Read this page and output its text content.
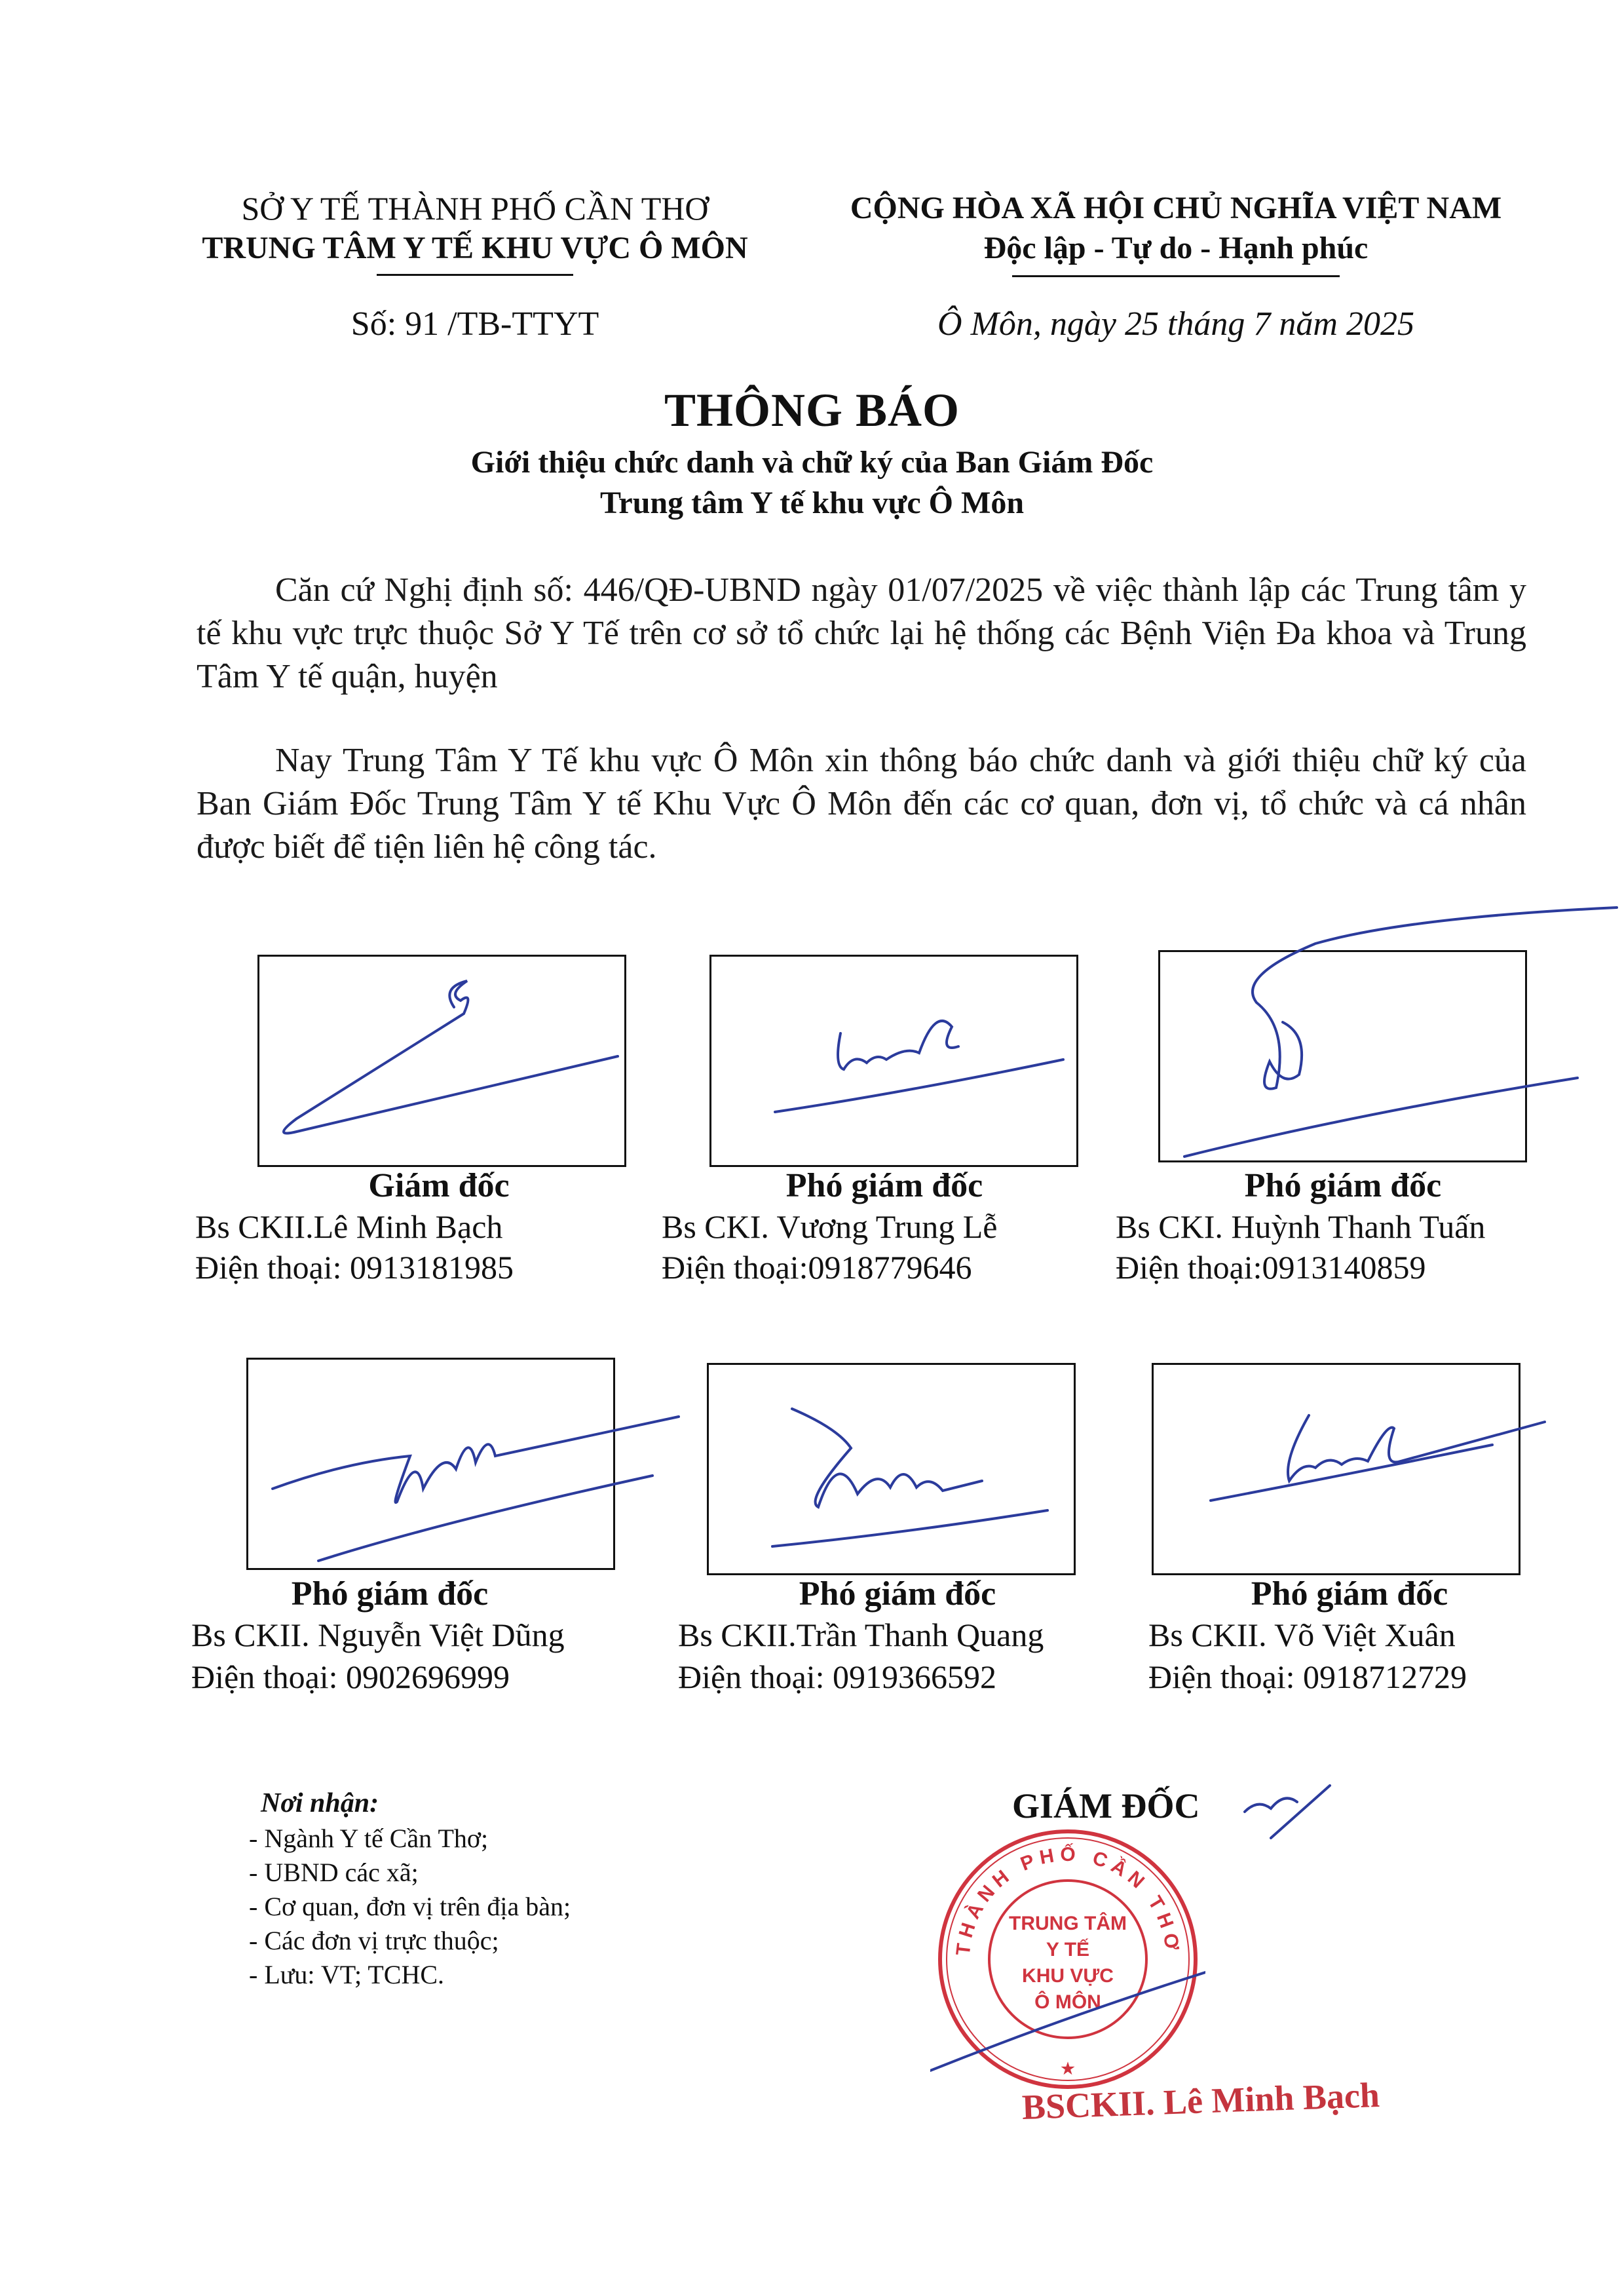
SỞ Y TẾ THÀNH PHỐ CẦN THƠ
TRUNG TÂM Y TẾ KHU VỰC Ô MÔN
CỘNG HÒA XÃ HỘI CHỦ NGHĨA VIỆT NAM
Độc lập - Tự do - Hạnh phúc
Số: 91 /TB-TTYT	Ô Môn, ngày 25 tháng 7 năm 2025
THÔNG BÁO
Giới thiệu chức danh và chữ ký của Ban Giám Đốc
Trung tâm Y tế khu vực Ô Môn
Căn cứ Nghị định số: 446/QĐ-UBND ngày 01/07/2025 về việc thành lập các Trung tâm y tế khu vực trực thuộc Sở Y Tế trên cơ sở tổ chức lại hệ thống các Bệnh Viện Đa khoa và Trung Tâm Y tế quận, huyện
Nay Trung Tâm Y Tế khu vực Ô Môn xin thông báo chức danh và giới thiệu chữ ký của Ban Giám Đốc Trung Tâm Y tế Khu Vực Ô Môn đến các cơ quan, đơn vị, tổ chức và cá nhân được biết để tiện liên hệ công tác.
Giám đốc
Bs CKII.Lê Minh Bạch
Điện thoại: 0913181985
Phó giám đốc
Bs CKI. Vương Trung Lễ
Điện thoại:0918779646
Phó giám đốc
Bs CKI. Huỳnh Thanh Tuấn
Điện thoại:0913140859
Phó giám đốc
Bs CKII. Nguyễn Việt Dũng
Điện thoại: 0902696999
Phó giám đốc
Bs CKII.Trần Thanh Quang
Điện thoại: 0919366592
Phó giám đốc
Bs CKII. Võ Việt Xuân
Điện thoại: 0918712729
Nơi nhận:
- Ngành Y tế Cần Thơ;
- UBND các xã;
- Cơ quan, đơn vị trên địa bàn;
- Các đơn vị trực thuộc;
- Lưu: VT; TCHC.
GIÁM ĐỐC
THÀNH PHỐ CẦN THƠ
TRUNG TÂM
Y TẾ
KHU VỰC
Ô MÔN
★
BSCKII. Lê Minh Bạch
